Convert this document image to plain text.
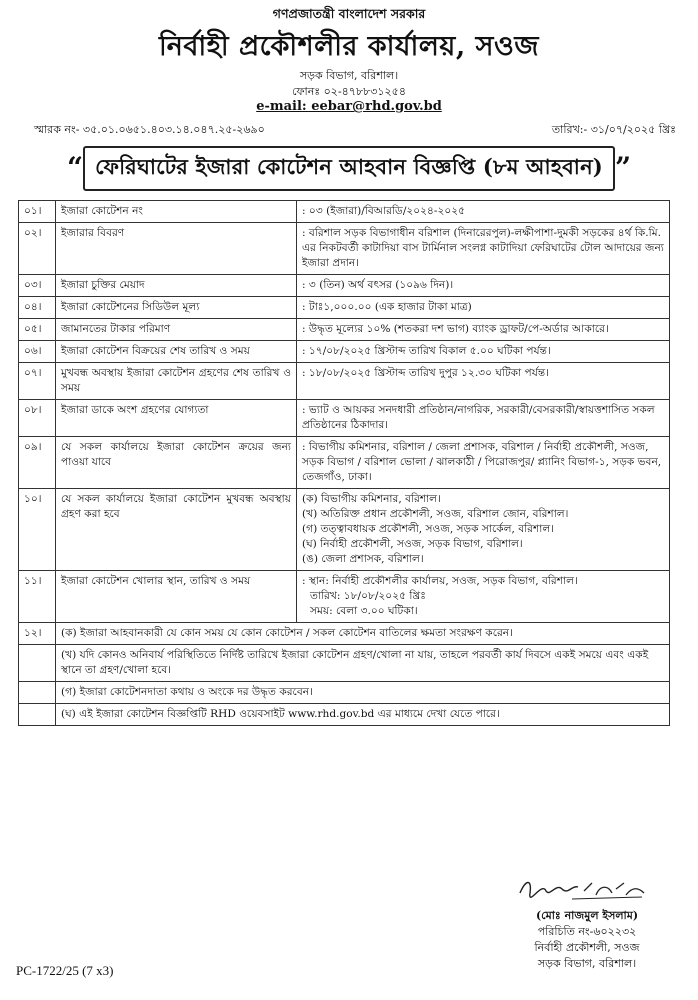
গণপ্রজাতন্ত্রী বাংলাদেশ সরকার
নির্বাহী প্রকৌশলীর কার্যালয়, সওজ
সড়ক বিভাগ, বরিশাল।
ফোনঃ ০২-৪৭৮৮৩১২৫৪
e-mail: eebar@rhd.gov.bd
স্মারক নং- ৩৫.০১.০৬৫১.৪০৩.১৪.০৪৭.২৫-২৬৯০	তারিখ:- ৩১/০৭/২০২৫ খ্রিঃ
“ ফেরিঘাটের ইজারা কোটেশন আহবান বিজ্ঞপ্তি (৮ম আহবান) ”
০১।	ইজারা কোটেশন নং	: ০৩ (ইজারা)/বিআরডি/২০২৪-২০২৫
০২।	ইজারার বিবরণ	: বরিশাল সড়ক বিভাগাধীন বরিশাল (দিনারেরপুল)-লক্ষীপাশা-দুমকী সড়কের ৪র্থ কি.মি. এর নিকটবর্তী কাটাদিয়া বাস টার্মিনাল সংলগ্ন কাটাদিয়া ফেরিঘাটের টোল আদায়ের জন্য ইজারা প্রদান।
০৩।	ইজারা চুক্তির মেয়াদ	: ৩ (তিন) অর্থ বৎসর (১০৯৬ দিন)।
০৪।	ইজারা কোটেশনের সিডিউল মূল্য	: টাঃ১,০০০.০০ (এক হাজার টাকা মাত্র)
০৫।	জামানতের টাকার পরিমাণ	: উদ্ধৃত মূল্যের ১০% (শতকরা দশ ভাগ) ব্যাংক ড্রাফট/পে-অর্ডার আকারে।
০৬।	ইজারা কোটেশন বিক্রয়ের শেষ তারিখ ও সময়	: ১৭/০৮/২০২৫ খ্রিস্টাব্দ তারিখ বিকাল ৫.০০ ঘটিকা পর্যন্ত।
০৭।	মুখবন্ধ অবস্থায় ইজারা কোটেশন গ্রহণের শেষ তারিখ ও সময়	: ১৮/০৮/২০২৫ খ্রিস্টাব্দ তারিখ দুপুর ১২.৩০ ঘটিকা পর্যন্ত।
০৮।	ইজারা ডাকে অংশ গ্রহণের যোগ্যতা	: ভ্যাট ও আয়কর সনদধারী প্রতিষ্ঠান/নাগরিক, সরকারী/বেসরকারী/স্বায়ত্তশাসিত সকল প্রতিষ্ঠানের ঠিকাদার।
০৯।	যে সকল কার্যালয়ে ইজারা কোটেশন ক্রয়ের জন্য পাওয়া যাবে	: বিভাগীয় কমিশনার, বরিশাল / জেলা প্রশাসক, বরিশাল / নির্বাহী প্রকৌশলী, সওজ, সড়ক বিভাগ / বরিশাল ভোলা / ঝালকাঠী / পিরোজপুর/ প্ল্যানিং বিভাগ-১, সড়ক ভবন, তেজগাঁও, ঢাকা।
১০।	যে সকল কার্যালয়ে ইজারা কোটেশন মুখবন্ধ অবস্থায় গ্রহণ করা হবে	(ক) বিভাগীয় কমিশনার, বরিশাল।
(খ) অতিরিক্ত প্রধান প্রকৌশলী, সওজ, বরিশাল জোন, বরিশাল।
(গ) তত্ত্বাবধায়ক প্রকৌশলী, সওজ, সড়ক সার্কেল, বরিশাল।
(ঘ) নির্বাহী প্রকৌশলী, সওজ, সড়ক বিভাগ, বরিশাল।
(ঙ) জেলা প্রশাসক, বরিশাল।

১১।	ইজারা কোটেশন খোলার স্থান, তারিখ ও সময়	: স্থান: নির্বাহী প্রকৌশলীর কার্যালয়, সওজ, সড়ক বিভাগ, বরিশাল।
তারিখ: ১৮/০৮/২০২৫ খ্রিঃ
সময়: বেলা ৩.০০ ঘটিকা।

১২।	(ক) ইজারা আহবানকারী যে কোন সময় যে কোন কোটেশন / সকল কোটেশন বাতিলের ক্ষমতা সংরক্ষণ করেন।	
	(খ) যদি কোনও অনিবার্য পরিস্থিতিতে নির্দিষ্ট তারিখে ইজারা কোটেশন গ্রহণ/খোলা না যায়, তাহলে পরবর্তী কার্য দিবসে একই সময়ে এবং একই স্থানে তা গ্রহণ/খোলা হবে।	
	(গ) ইজারা কোটেশনদাতা কথায় ও অংকে দর উদ্ধৃত করবেন।	
	(ঘ) এই ইজারা কোটেশন বিজ্ঞপ্তিটি RHD ওয়েবসাইট www.rhd.gov.bd এর মাধ্যমে দেখা যেতে পারে।	
(মোঃ নাজমুল ইসলাম)
পরিচিতি নং-৬০২২৩২
নির্বাহী প্রকৌশলী, সওজ
সড়ক বিভাগ, বরিশাল।
PC-1722/25 (7 x3)
